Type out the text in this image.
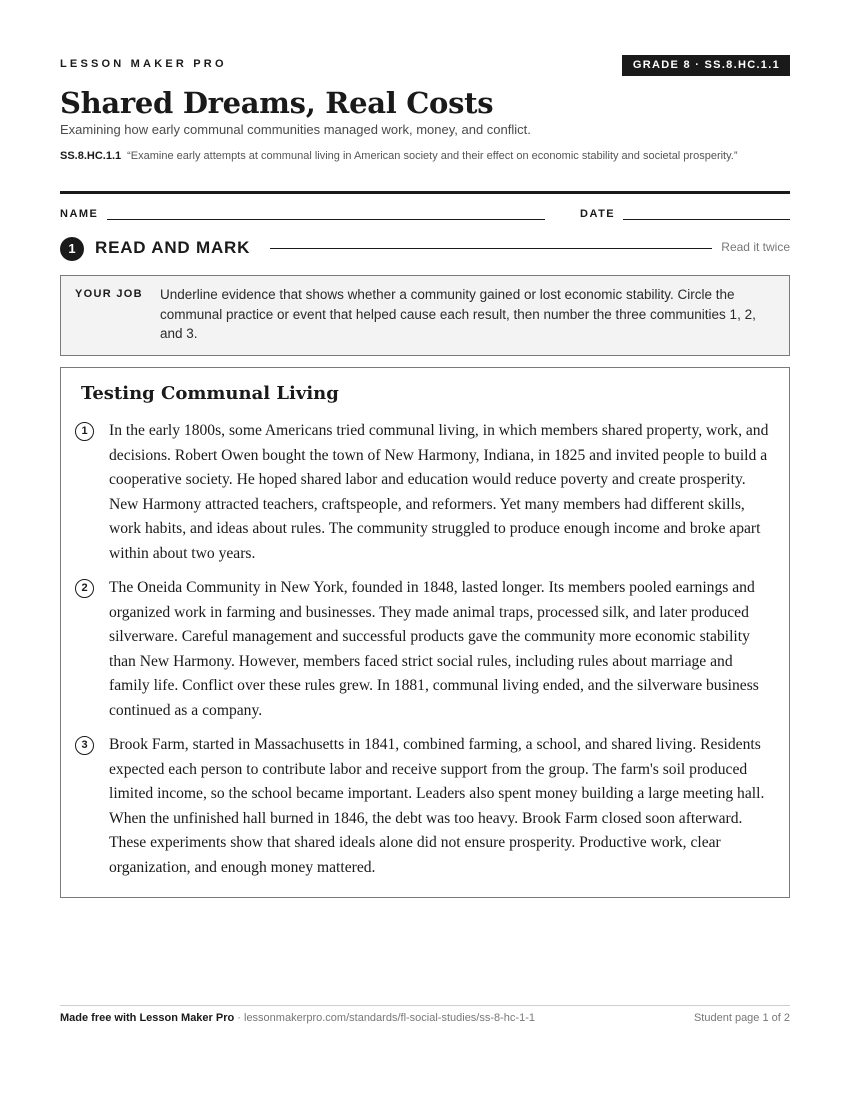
LESSON MAKER PRO	GRADE 8 · SS.8.HC.1.1
Shared Dreams, Real Costs
Examining how early communal communities managed work, money, and conflict.
SS.8.HC.1.1 “Examine early attempts at communal living in American society and their effect on economic stability and societal prosperity.”
NAME	DATE
1	READ AND MARK	Read it twice
YOUR JOB Underline evidence that shows whether a community gained or lost economic stability. Circle the communal practice or event that helped cause each result, then number the three communities 1, 2, and 3.
Testing Communal Living
1	In the early 1800s, some Americans tried communal living, in which members shared property, work, and decisions. Robert Owen bought the town of New Harmony, Indiana, in 1825 and invited people to build a cooperative society. He hoped shared labor and education would reduce poverty and create prosperity. New Harmony attracted teachers, craftspeople, and reformers. Yet many members had different skills, work habits, and ideas about rules. The community struggled to produce enough income and broke apart within about two years.
2	The Oneida Community in New York, founded in 1848, lasted longer. Its members pooled earnings and organized work in farming and businesses. They made animal traps, processed silk, and later produced silverware. Careful management and successful products gave the community more economic stability than New Harmony. However, members faced strict social rules, including rules about marriage and family life. Conflict over these rules grew. In 1881, communal living ended, and the silverware business continued as a company.
3	Brook Farm, started in Massachusetts in 1841, combined farming, a school, and shared living. Residents expected each person to contribute labor and receive support from the group. The farm's soil produced limited income, so the school became important. Leaders also spent money building a large meeting hall. When the unfinished hall burned in 1846, the debt was too heavy. Brook Farm closed soon afterward. These experiments show that shared ideals alone did not ensure prosperity. Productive work, clear organization, and enough money mattered.
Made free with Lesson Maker Pro · lessonmakerpro.com/standards/fl-social-studies/ss-8-hc-1-1	Student page 1 of 2
